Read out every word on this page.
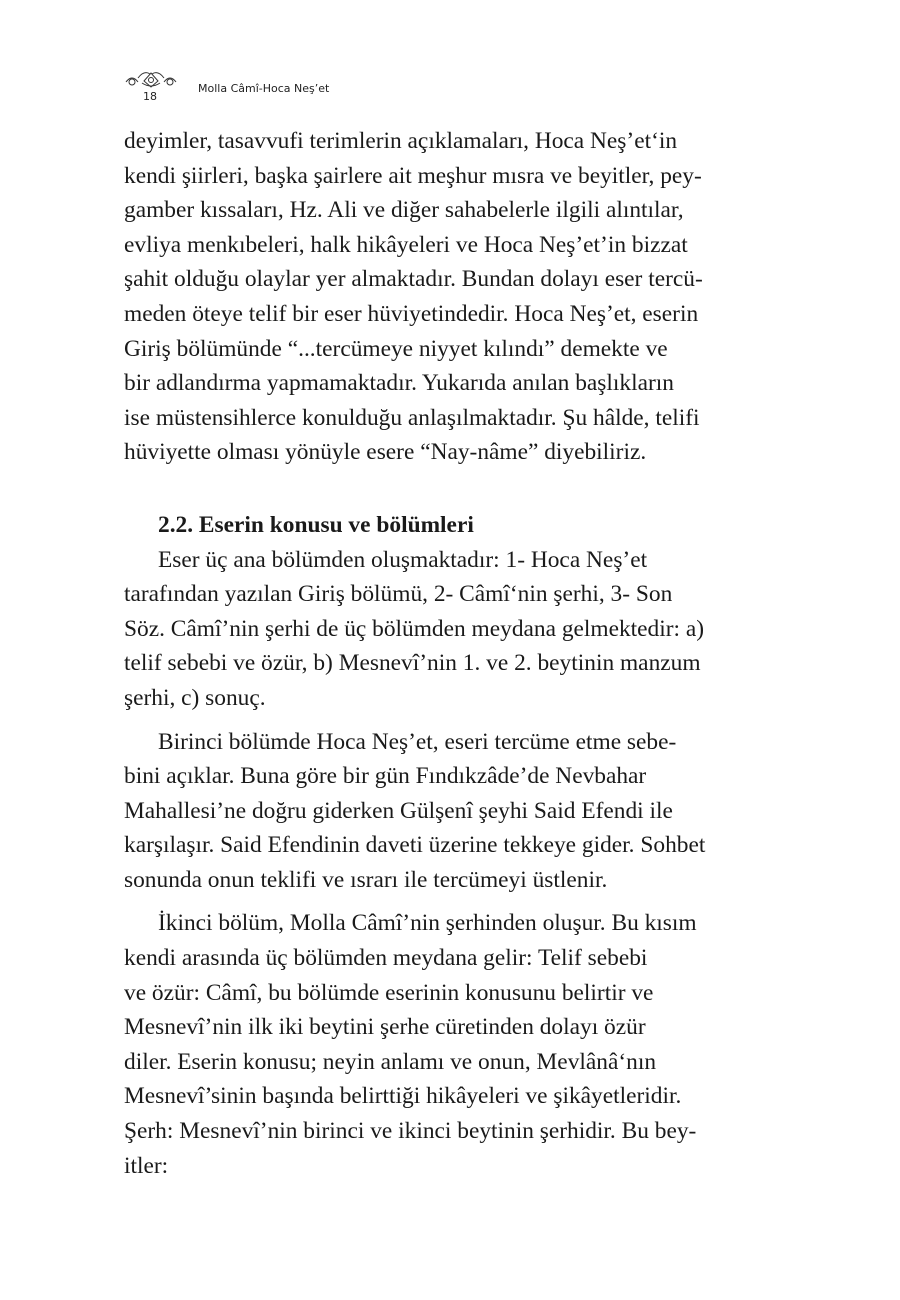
18
Molla Câmî-Hoca Neş’et

deyimler, tasavvufi terimlerin açıklamaları, Hoca Neş’et‘in
kendi şiirleri, başka şairlere ait meşhur mısra ve beyitler, pey-
gamber kıssaları, Hz. Ali ve diğer sahabelerle ilgili alıntılar,
evliya menkıbeleri, halk hikâyeleri ve Hoca Neş’et’in bizzat
şahit olduğu olaylar yer almaktadır. Bundan dolayı eser tercü-
meden öteye telif bir eser hüviyetindedir. Hoca Neş’et, eserin
Giriş bölümünde “...tercümeye niyyet kılındı” demekte ve
bir adlandırma yapmamaktadır. Yukarıda anılan başlıkların
ise müstensihlerce konulduğu anlaşılmaktadır. Şu hâlde, telifi
hüviyette olması yönüyle esere “Nay-nâme” diyebiliriz.

2.2. Eserin konusu ve bölümleri

Eser üç ana bölümden oluşmaktadır: 1- Hoca Neş’et
tarafından yazılan Giriş bölümü, 2- Câmî‘nin şerhi, 3- Son
Söz. Câmî’nin şerhi de üç bölümden meydana gelmektedir: a)
telif sebebi ve özür, b) Mesnevî’nin 1. ve 2. beytinin manzum
şerhi, c) sonuç.

Birinci bölümde Hoca Neş’et, eseri tercüme etme sebe-
bini açıklar. Buna göre bir gün Fındıkzâde’de Nevbahar
Mahallesi’ne doğru giderken Gülşenî şeyhi Said Efendi ile
karşılaşır. Said Efendinin daveti üzerine tekkeye gider. Sohbet
sonunda onun teklifi ve ısrarı ile tercümeyi üstlenir.

İkinci bölüm, Molla Câmî’nin şerhinden oluşur. Bu kısım
kendi arasında üç bölümden meydana gelir: Telif sebebi
ve özür: Câmî, bu bölümde eserinin konusunu belirtir ve
Mesnevî’nin ilk iki beytini şerhe cüretinden dolayı özür
diler. Eserin konusu; neyin anlamı ve onun, Mevlânâ‘nın
Mesnevî’sinin başında belirttiği hikâyeleri ve şikâyetleridir.
Şerh: Mesnevî’nin birinci ve ikinci beytinin şerhidir. Bu bey-
itler:
